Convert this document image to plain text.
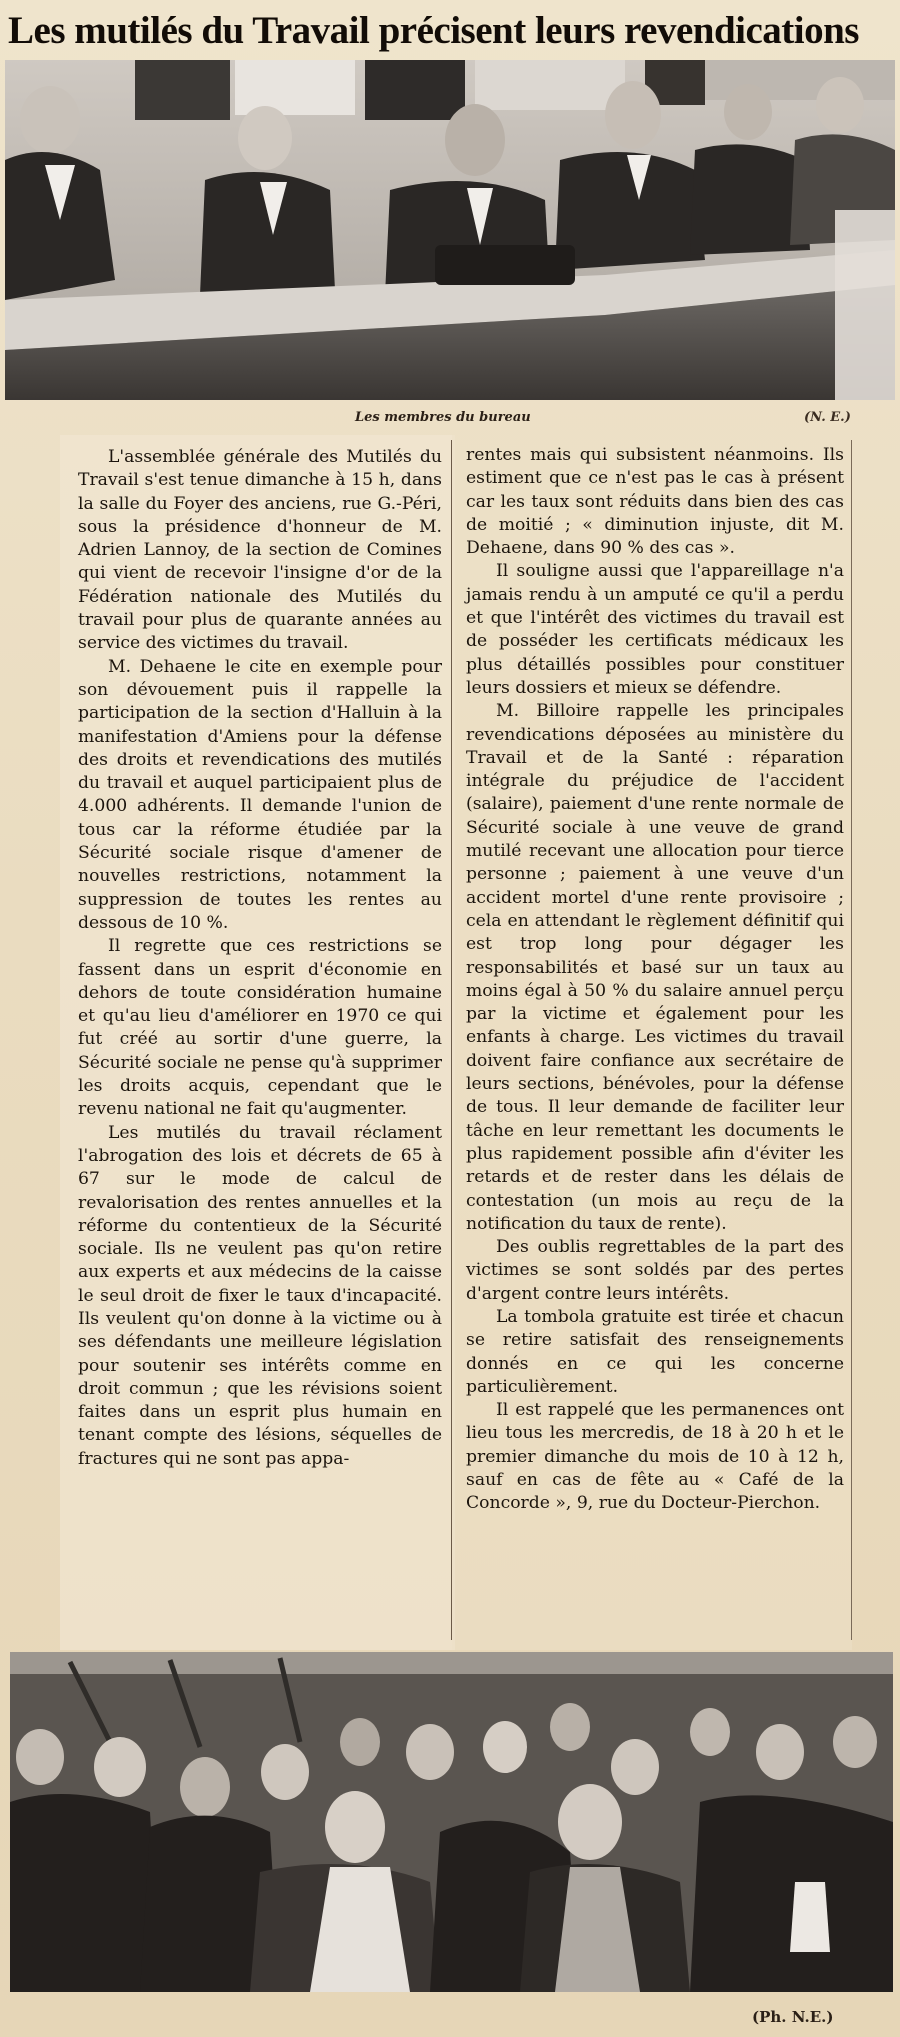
Les mutilés du Travail précisent leurs revendications
Les membres du bureau	(N. E.)

L'assemblée générale des Mutilés du Travail s'est tenue dimanche à 15 h, dans la salle du Foyer des anciens, rue G.-Péri, sous la présidence d'honneur de M. Adrien Lannoy, de la section de Comines qui vient de recevoir l'insigne d'or de la Fédération nationale des Mutilés du travail pour plus de quarante années au service des victimes du travail.

M. Dehaene le cite en exemple pour son dévouement puis il rappelle la participation de la section d'Halluin à la manifestation d'Amiens pour la défense des droits et revendications des mutilés du travail et auquel participaient plus de 4.000 adhérents. Il demande l'union de tous car la réforme étudiée par la Sécurité sociale risque d'amener de nouvelles restrictions, notamment la suppression de toutes les rentes au dessous de 10 %.

Il regrette que ces restrictions se fassent dans un esprit d'économie en dehors de toute considération humaine et qu'au lieu d'améliorer en 1970 ce qui fut créé au sortir d'une guerre, la Sécurité sociale ne pense qu'à supprimer les droits acquis, cependant que le revenu national ne fait qu'augmenter.

Les mutilés du travail réclament l'abrogation des lois et décrets de 65 à 67 sur le mode de calcul de revalorisation des rentes annuelles et la réforme du contentieux de la Sécurité sociale. Ils ne veulent pas qu'on retire aux experts et aux médecins de la caisse le seul droit de fixer le taux d'incapacité. Ils veulent qu'on donne à la victime ou à ses défendants une meilleure législation pour soutenir ses intérêts comme en droit commun ; que les révisions soient faites dans un esprit plus humain en tenant compte des lésions, séquelles de fractures qui ne sont pas appa-

rentes mais qui subsistent néanmoins. Ils estiment que ce n'est pas le cas à présent car les taux sont réduits dans bien des cas de moitié ; « diminution injuste, dit M. Dehaene, dans 90 % des cas ».

Il souligne aussi que l'appareillage n'a jamais rendu à un amputé ce qu'il a perdu et que l'intérêt des victimes du travail est de posséder les certificats médicaux les plus détaillés possibles pour constituer leurs dossiers et mieux se défendre.

M. Billoire rappelle les principales revendications déposées au ministère du Travail et de la Santé : réparation intégrale du préjudice de l'accident (salaire), paiement d'une rente normale de Sécurité sociale à une veuve de grand mutilé recevant une allocation pour tierce personne ; paiement à une veuve d'un accident mortel d'une rente provisoire ; cela en attendant le règlement définitif qui est trop long pour dégager les responsabilités et basé sur un taux au moins égal à 50 % du salaire annuel perçu par la victime et également pour les enfants à charge. Les victimes du travail doivent faire confiance aux secrétaire de leurs sections, bénévoles, pour la défense de tous. Il leur demande de faciliter leur tâche en leur remettant les documents le plus rapidement possible afin d'éviter les retards et de rester dans les délais de contestation (un mois au reçu de la notification du taux de rente).

Des oublis regrettables de la part des victimes se sont soldés par des pertes d'argent contre leurs intérêts.

La tombola gratuite est tirée et chacun se retire satisfait des renseignements donnés en ce qui les concerne particulièrement.

Il est rappelé que les permanences ont lieu tous les mercredis, de 18 à 20 h et le premier dimanche du mois de 10 à 12 h, sauf en cas de fête au « Café de la Concorde », 9, rue du Docteur-Pierchon.

(Ph. N.E.)
